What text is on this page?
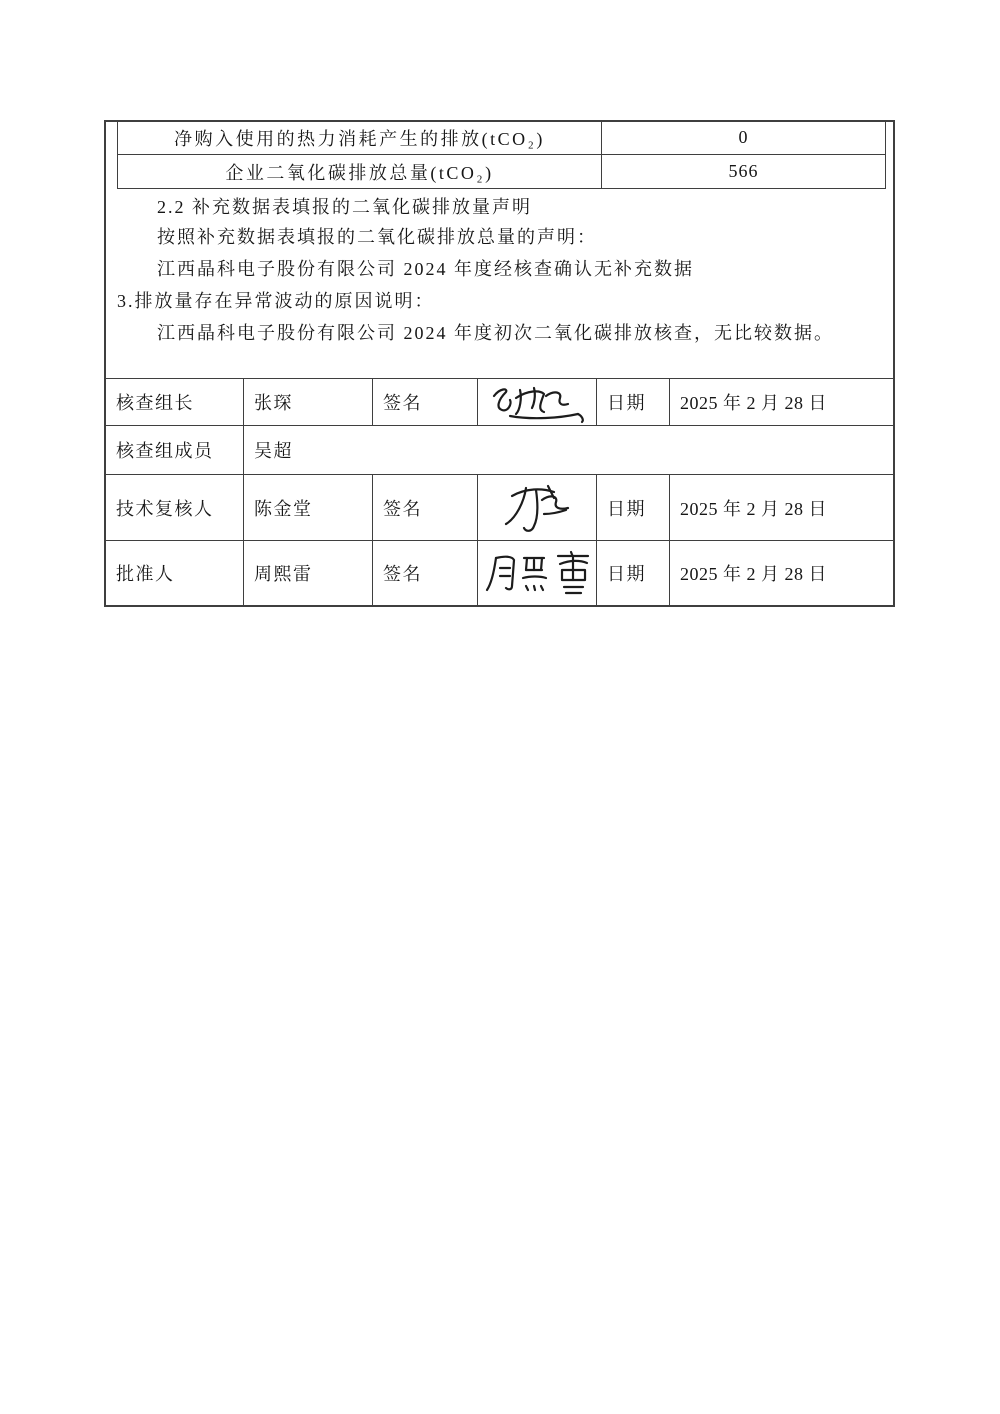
净购入使用的热力消耗产生的排放(tCO₂)	0
企业二氧化碳排放总量(tCO₂)	566

2.2 补充数据表填报的二氧化碳排放量声明

按照补充数据表填报的二氧化碳排放总量的声明：

江西晶科电子股份有限公司 2024 年度经核查确认无补充数据

3.排放量存在异常波动的原因说明：

江西晶科电子股份有限公司 2024 年度初次二氧化碳排放核查，无比较数据。

核查组长	张琛	签名	日期	2025 年 2 月 28 日
核查组成员	吴超
技术复核人	陈金堂	签名	日期	2025 年 2 月 28 日
批准人	周熙雷	签名	日期	2025 年 2 月 28 日
